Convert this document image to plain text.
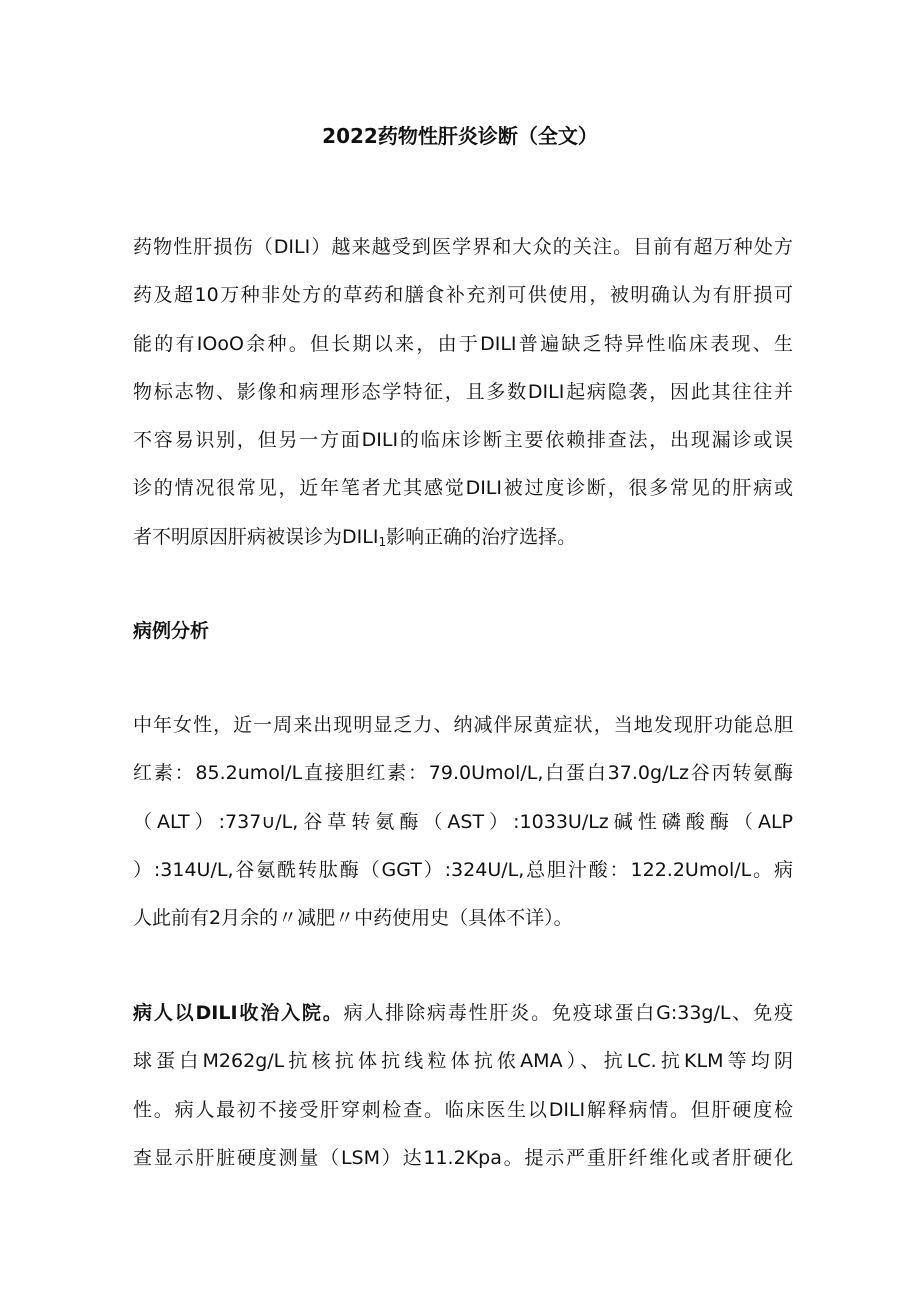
2022药物性肝炎诊断（全文）
药物性肝损伤（DILI）越来越受到医学界和大众的关注。目前有超万种处方
药及超10万种非处方的草药和膳食补充剂可供使用，被明确认为有肝损可
能的有IOoO余种。但长期以来，由于DILI普遍缺乏特异性临床表现、生
物标志物、影像和病理形态学特征，且多数DILI起病隐袭，因此其往往并
不容易识别，但另一方面DILI的临床诊断主要依赖排查法，出现漏诊或误
诊的情况很常见，近年笔者尤其感觉DILI被过度诊断，很多常见的肝病或
者不明原因肝病被误诊为$DILI_1$影响正确的治疗选择。
病例分析
中年女性，近一周来出现明显乏力、纳减伴尿黄症状，当地发现肝功能总胆
红素：85.2umol/L直接胆红素：79.0Umol/L,白蛋白37.0g/Lz谷丙转氨酶
（ALT）:737∪/L,谷草转氨酶（AST）:1033U/Lz碱性磷酸酶（ALP
）:314U/L,谷氨酰转肽酶（GGT）:324U/L,总胆汁酸：122.2Umol/L。病
人此前有2月余的〃减肥〃中药使用史（具体不详）。
病人以DILI收治入院。病人排除病毒性肝炎。免疫球蛋白G:33g/L、免疫
球蛋白M262g/L抗核抗体抗线粒体抗侬AMA）、抗LC.抗KLM等均阴
性。病人最初不接受肝穿刺检查。临床医生以DILI解释病情。但肝硬度检
查显示肝脏硬度测量（LSM）达11.2Kpa。提示严重肝纤维化或者肝硬化
